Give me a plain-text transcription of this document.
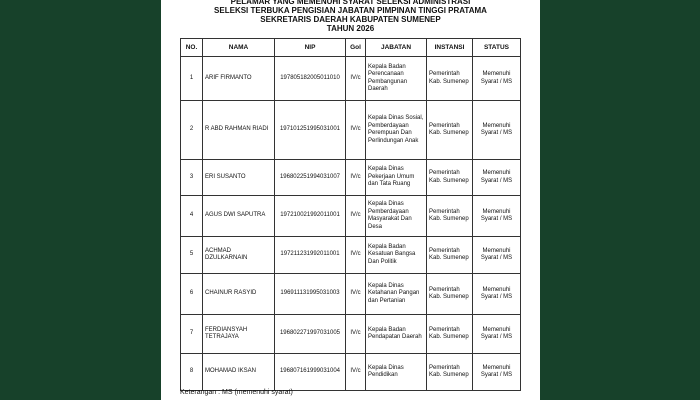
PELAMAR YANG MEMENUHI SYARAT SELEKSI ADMINISTRASI
SELEKSI TERBUKA PENGISIAN JABATAN PIMPINAN TINGGI PRATAMA
SEKRETARIS DAERAH KABUPATEN SUMENEP
TAHUN 2026
NO.	NAMA	NIP	Gol	JABATAN	INSTANSI	STATUS
1	ARIF FIRMANTO	197805182005011010	IV/c	Kepala Badan Perencanaan Pembangunan Daerah	Pemerintah Kab. Sumenep	Memenuhi Syarat / MS
2	R ABD RAHMAN RIADI	197101251995031001	IV/c	Kepala Dinas Sosial, Pemberdayaan Perempuan Dan Perlindungan Anak	Pemerintah Kab. Sumenep	Memenuhi Syarat / MS
3	ERI SUSANTO	196802251994031007	IV/c	Kepala Dinas Pekerjaan Umum dan Tata Ruang	Pemerintah Kab. Sumenep	Memenuhi Syarat / MS
4	AGUS DWI SAPUTRA	197210021992011001	IV/c	Kepala Dinas Pemberdayaan Masyarakat Dan Desa	Pemerintah Kab. Sumenep	Memenuhi Syarat / MS
5	ACHMAD DZULKARNAIN	197211231992011001	IV/c	Kepala Badan Kesatuan Bangsa Dan Politik	Pemerintah Kab. Sumenep	Memenuhi Syarat / MS
6	CHAINUR RASYID	196911131995031003	IV/c	Kepala Dinas Ketahanan Pangan dan Pertanian	Pemerintah Kab. Sumenep	Memenuhi Syarat / MS
7	FERDIANSYAH TETRAJAYA	196802271997031005	IV/c	Kepala Badan Pendapatan Daerah	Pemerintah Kab. Sumenep	Memenuhi Syarat / MS
8	MOHAMAD IKSAN	196807161999031004	IV/c	Kepala Dinas Pendidikan	Pemerintah Kab. Sumenep	Memenuhi Syarat / MS
Keterangan : MS (memenuhi syarat)
